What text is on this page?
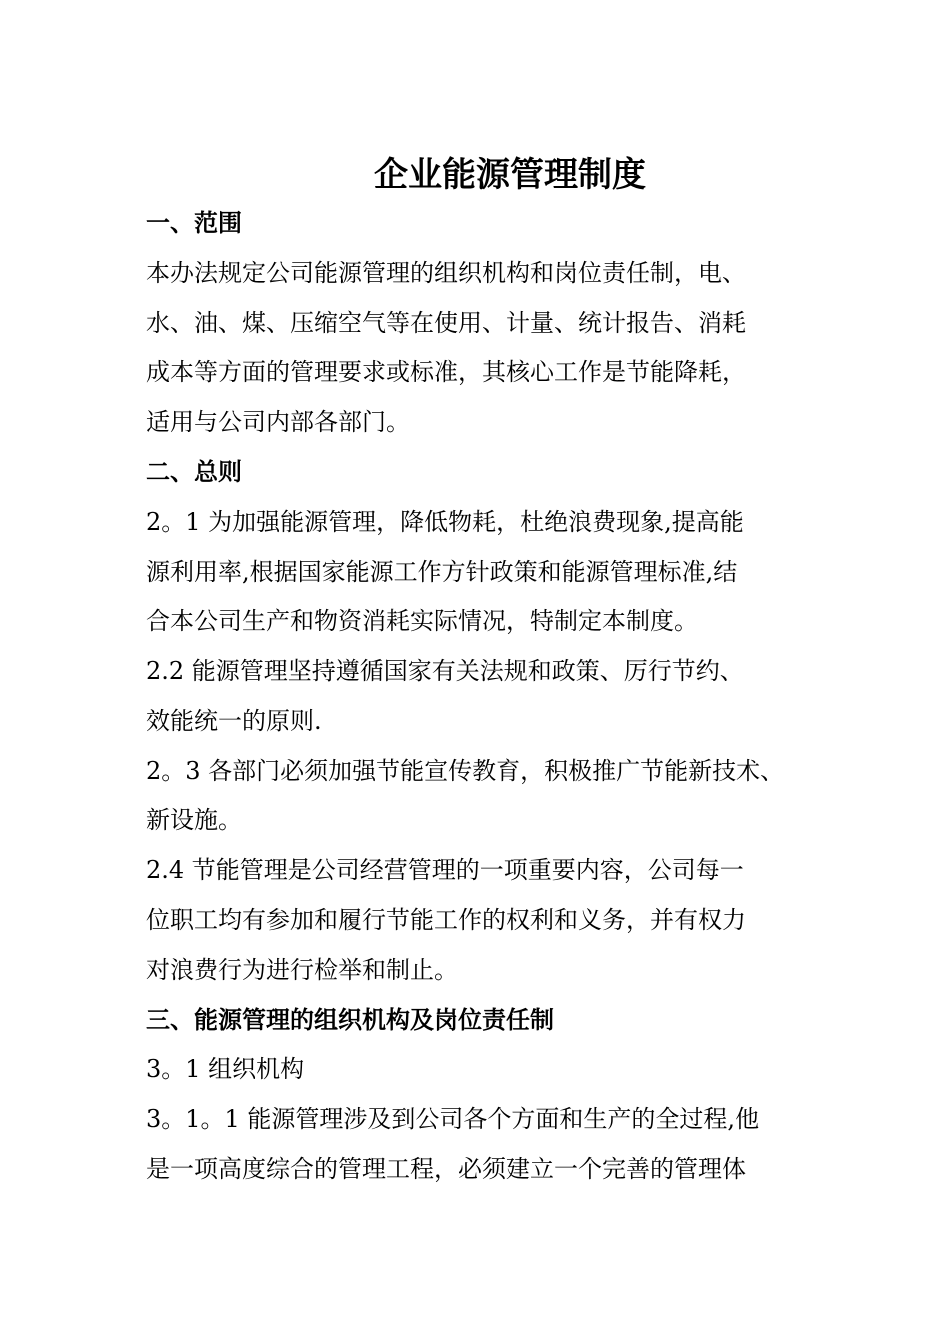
企业能源管理制度
一、范围
本办法规定公司能源管理的组织机构和岗位责任制，电、
水、油、煤、压缩空气等在使用、计量、统计报告、消耗
成本等方面的管理要求或标准，其核心工作是节能降耗，
适用与公司内部各部门。
二、总则
2。1 为加强能源管理，降低物耗，杜绝浪费现象,提高能
源利用率,根据国家能源工作方针政策和能源管理标准,结
合本公司生产和物资消耗实际情况，特制定本制度。
2.2 能源管理坚持遵循国家有关法规和政策、厉行节约、
效能统一的原则.
2。3 各部门必须加强节能宣传教育，积极推广节能新技术、
新设施。
2.4 节能管理是公司经营管理的一项重要内容，公司每一
位职工均有参加和履行节能工作的权利和义务，并有权力
对浪费行为进行检举和制止。
三、能源管理的组织机构及岗位责任制
3。1 组织机构
3。1。1 能源管理涉及到公司各个方面和生产的全过程,他
是一项高度综合的管理工程，必须建立一个完善的管理体
